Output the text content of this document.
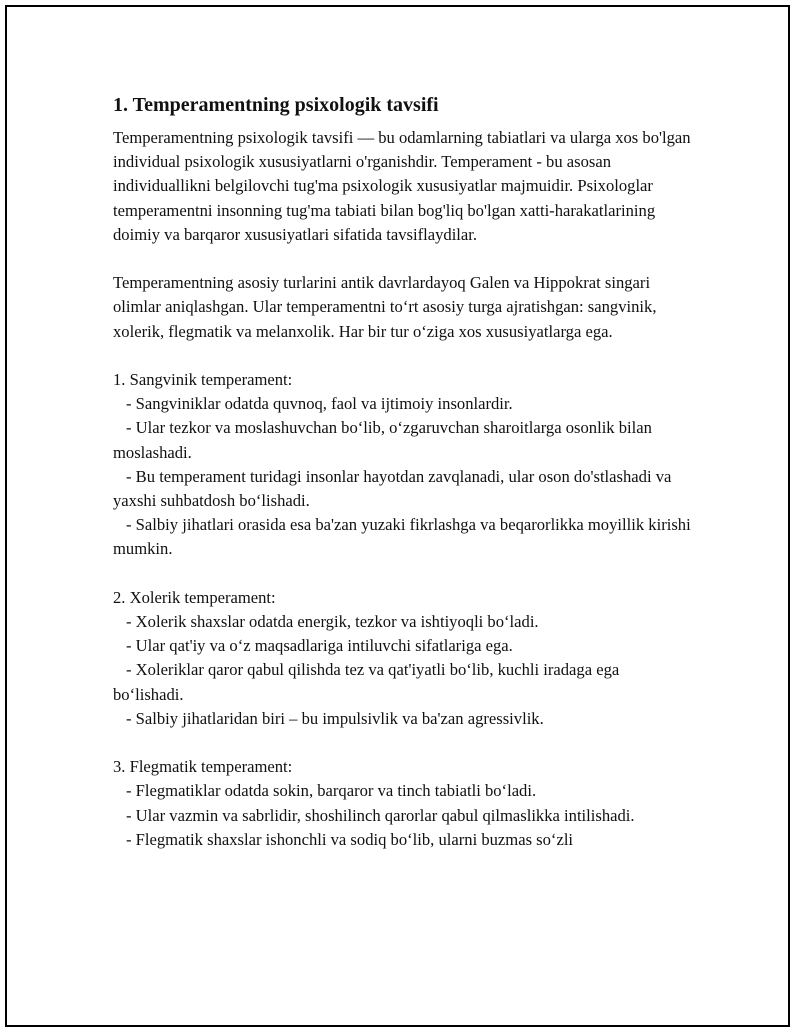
1. Temperamentning psixologik tavsifi
Temperamentning psixologik tavsifi — bu odamlarning tabiatlari va ularga xos bo'lgan individual psixologik xususiyatlarni o'rganishdir. Temperament - bu asosan individuallikni belgilovchi tug'ma psixologik xususiyatlar majmuidir. Psixologlar temperamentni insonning tug'ma tabiati bilan bog'liq bo'lgan xatti-harakatlarining doimiy va barqaror xususiyatlari sifatida tavsiflaydilar.
Temperamentning asosiy turlarini antik davrlardayoq Galen va Hippokrat singari olimlar aniqlashgan. Ular temperamentni to‘rt asosiy turga ajratishgan: sangvinik, xolerik, flegmatik va melanxolik. Har bir tur o‘ziga xos xususiyatlarga ega.
1. Sangvinik temperament:
- Sangviniklar odatda quvnoq, faol va ijtimoiy insonlardir.
- Ular tezkor va moslashuvchan bo‘lib, o‘zgaruvchan sharoitlarga osonlik bilan moslashadi.
- Bu temperament turidagi insonlar hayotdan zavqlanadi, ular oson do'stlashadi va yaxshi suhbatdosh bo‘lishadi.
- Salbiy jihatlari orasida esa ba'zan yuzaki fikrlashga va beqarorlikka moyillik kirishi mumkin.
2. Xolerik temperament:
- Xolerik shaxslar odatda energik, tezkor va ishtiyoqli bo‘ladi.
- Ular qat'iy va o‘z maqsadlariga intiluvchi sifatlariga ega.
- Xoleriklar qaror qabul qilishda tez va qat'iyatli bo‘lib, kuchli iradaga ega bo‘lishadi.
- Salbiy jihatlaridan biri – bu impulsivlik va ba'zan agressivlik.
3. Flegmatik temperament:
- Flegmatiklar odatda sokin, barqaror va tinch tabiatli bo‘ladi.
- Ular vazmin va sabrlidir, shoshilinch qarorlar qabul qilmaslikka intilishadi.
- Flegmatik shaxslar ishonchli va sodiq bo‘lib, ularni buzmas so‘zli
